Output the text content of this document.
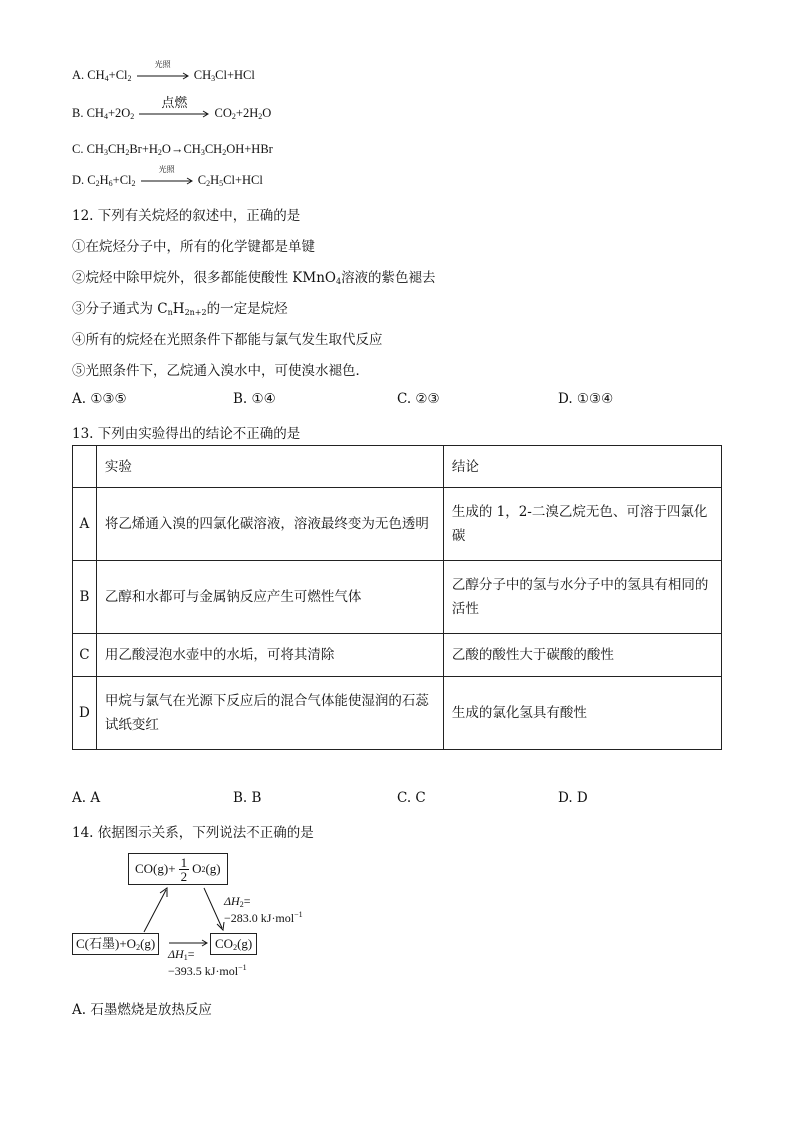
A. $CH_4+Cl_2$
光照
$CH_3Cl+HCl$
B. $CH_4+2O_2$
点燃
$CO_2+2H_2O$
C. $CH_3CH_2Br+H_2O\to CH_3CH_2OH+HBr$
D. $C_2H_6+Cl_2$
光照
$C_2H_5Cl+HCl$
12. 下列有关烷烃的叙述中，正确的是
①在烷烃分子中，所有的化学键都是单键
②烷烃中除甲烷外，很多都能使酸性 KMnO$_4$溶液的紫色褪去
③分子通式为 $C_nH_{2n+2}$的一定是烷烃
④所有的烷烃在光照条件下都能与氯气发生取代反应
⑤光照条件下，乙烷通入溴水中，可使溴水褪色．
A. ①③⑤	B. ①④	C. ②③	D. ①③④
13. 下列由实验得出的结论不正确的是
	实验	结论
A	将乙烯通入溴的四氯化碳溶液，溶液最终变为无色透明	生成的 1，2-二溴乙烷无色、可溶于四氯化碳
B	乙醇和水都可与金属钠反应产生可燃性气体	乙醇分子中的氢与水分子中的氢具有相同的活性
C	用乙酸浸泡水壶中的水垢，可将其清除	乙酸的酸性大于碳酸的酸性
D	甲烷与氯气在光源下反应后的混合气体能使湿润的石蕊试纸变红	生成的氯化氢具有酸性
A. A	B. B	C. C	D. D
14. 依据图示关系，下列说法不正确的是
$CO(g)+ \frac{1}{2}$ O 2 (g)
C(石墨)$+O_2(g)$	$CO_2(g)$
$\Delta H_2=$
−283.0 kJ·mol$^{-1}$
$\Delta H_1=$
−393.5 kJ·mol$^{-1}$
A. 石墨燃烧是放热反应
